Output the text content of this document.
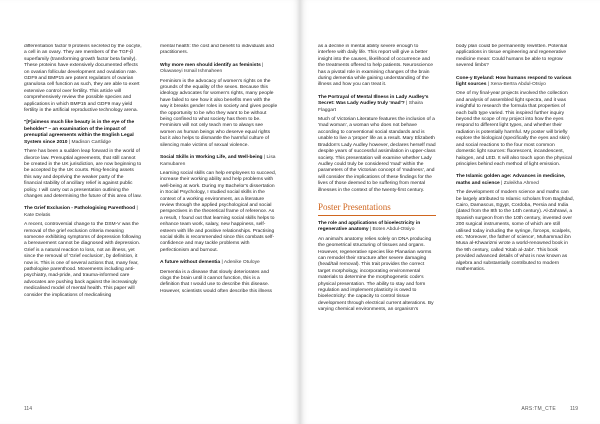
differentiation factor 9 proteins secreted by the oocyte, a cell in an ovary. They are members of the TGF-β superfamily (transforming growth factor beta family). These proteins have extensively documented effects on ovarian follicular development and ovulation rate. GDF9 and BMP15 are potent regulators of ovarian granulosa cell function as such, they are able to exert extensive control over fertility. This article will comprehensively review the possible species and applications in which BMP15 and GDF9 may yield fertility in the artificial reproductive technology arena.

"[F]aimess much like beauty is in the eye of the beholder" – an examination of the impact of prenuptial agreements within the English Legal System since 2010 | Madison Cartlidge

There has been a sudden leap forward in the world of divorce law. Prenuptial agreements, that still cannot be created in the UK jurisdiction, are now beginning to be accepted by the UK courts. Ring-fencing assets this way and depriving the weaker party of the financial stability of ancillary relief is against public policy. I will carry out a presentation outlining the changes and determining the future of this area of law.

The Grief Exclusion - Pathologising Parenthood | Kate Delatis

A recent, controversial change to the DSM-V was the removal of the grief exclusion criteria meaning someone exhibiting symptoms of depression following a bereavement cannot be diagnosed with depression. Grief is a natural reaction to loss, not an illness, yet since the removal of 'Grief exclusion', by definition, it now is. This is one of several actions that, many fear, pathologise parenthood. Movements including anti-psychiatry, mad-pride, and trauma-informed care advocates are pushing back against the increasingly medicalised model of mental health. This paper will consider the implications of medicalising

mental health: the cost and benefit to individuals and practitioners.

Why more men should identify as feminists | Oluwaseyi Ismail Ishmaheen

Feminism is the advocacy of women's rights on the grounds of the equality of the sexes. Because this ideology advocates for women's rights, many people have failed to see how it also benefits men with the way it breaks gender roles in society and gives people the opportunity to be who they want to be without being confined to what society has them to be. Feminism will not only teach men to always see women as human beings who deserve equal rights but it also helps to dismantle the harmful culture of silencing male victims of sexual violence.

Social Skills in Working Life, and Well-being | Lisa Kamubaren

Learning social skills can help employees to succeed, increase their working ability and help problems with well-being at work. During my Bachelor's dissertation in Social Psychology, I studied social skills in the context of a working environment, as a literature review through the applied psychological and social perspectives in the theoretical frame of reference. As a result, I found out that learning social skills helps to enhance team work, salary, new happiness, self-esteem with life and positive relationships. Practising social skills is recommended since this combats self-confidence and may tackle problems with perfectionism and burnout.

A future without dementia | Adenike Otuloye

Dementia is a disease that slowly deteriorates and clogs the brain until it cannot function, this is a definition that I would use to describe this disease. However, scientists would often describe this illness

114

as a decline in mental ability severe enough to interfere with daily life. This report will give a better insight into the causes, likelihood of occurrence and the treatments offered to help patients. Neuroscience has a pivotal role in examining changes of the brain during dementia while gaining understanding of the illness and how you can treat it.

The Portrayal of Mental Illness in Lady Audley's Secret: Was Lady Audley truly 'mad'? | Shaira Flaggart

Much of Victorian Literature features the inclusion of a 'mad woman', a woman who does not behave according to conventional social standards and is unable to live a 'proper' life as a result. Mary Elizabeth Braddon's Lady Audley however, declares herself mad despite years of successful assimilation in upper-class society. This presentation will examine whether Lady Audley could truly be considered 'mad' within the parameters of the Victorian concept of 'madness', and will consider the implications of these findings for the lives of those deemed to be suffering from mental illnesses in the context of the twenty-first century.

Poster Presentations

The role and applications of bioelectricity in regenerative anatomy | Boten Abdul-Otsiyo

An animal's anatomy relies solely on DNA producing the geometrical structuring of tissues and organs. However, regenerative species like Planarian worms can remodel their structure after severe damaging (head/tail removal). This trait provides the correct target morphology, incorporating environmental materials to determine the morphogenetic code's physical presentation. The ability to stay and form regulation and implement plasticity is owed to bioelectricity: the capacity to control tissue development through electrical current alterations. By varying chemical environments, an organism's

body plan could be permanently rewritten. Potential applications in tissue engineering and regenerative medicine mean: Could humans be able to regrow severed limbs?

Cone-y Eyeland: How humans respond to various light sources | Xena-Bertra Abdul-Otsiyo

One of my final-year projects involved the collection and analysis of assembled light spectra, and it was insightful to research the formula that properties of each bulb type varied. This inspired further inquiry beyond the scope of my project into how the eyes respond to different light types, and whether their radiation is potentially harmful. My poster will briefly explore the biological (specifically the eyes and skin) and social reactions to the four most common domestic light sources: fluorescent, incandescent, halogen, and LED. It will also touch upon the physical principles behind each method of light emission.

The Islamic golden age: Advances in medicine, maths and science | Zuleikha Ahmed

The development of modern science and maths can be largely attributed to Islamic scholars from Baghdad, Cairo, Damascus, Egypt, Cordoba, Persia and India (dated from the 8th to the 14th century). Al-Zahrawi, a Spanish surgeon from the 10th century, invented over 200 surgical instruments, some of which are still utilised today including the syringe, forceps, scalpels, etc. 'Moreover, the father of science', Muhammad ibn Musa al-Khwarizmi wrote a world-renowned book in the 9th century, called 'Kitab al-Jabr'. This book provided advanced details of what is now known as algebra and substantially contributed to modern mathematics.

ARS:TM_CTE	119
